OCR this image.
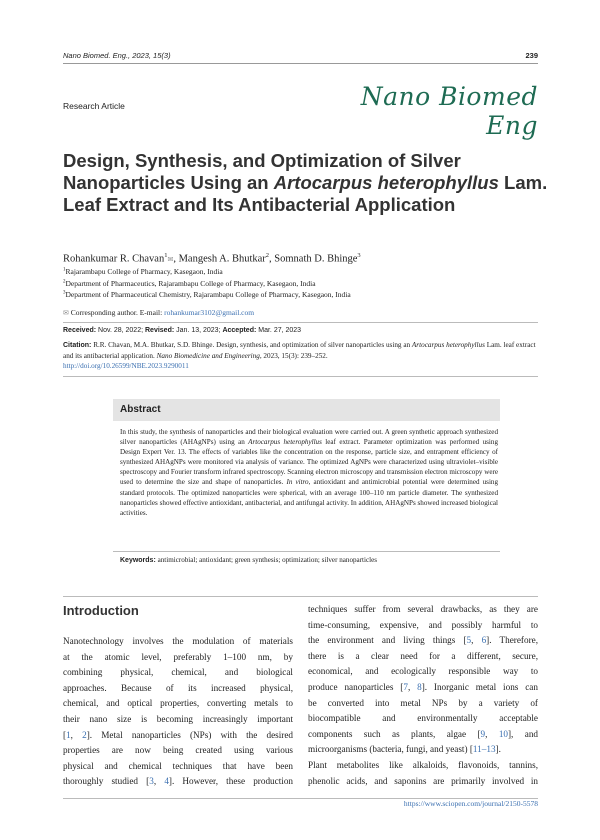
Nano Biomed. Eng., 2023, 15(3)	239
Research Article	Nano Biomed Eng
Design, Synthesis, and Optimization of Silver
Nanoparticles Using an Artocarpus heterophyllus Lam.
Leaf Extract and Its Antibacterial Application
Rohankumar R. Chavan$^1$✉, Mangesh A. Bhutkar$^2$, Somnath D. Bhinge$^3$
$^1$Rajarambapu College of Pharmacy, Kasegaon, India
$^2$Department of Pharmaceutics, Rajarambapu College of Pharmacy, Kasegaon, India
$^3$Department of Pharmaceutical Chemistry, Rajarambapu College of Pharmacy, Kasegaon, India
✉ Corresponding author. E-mail: rohankumar3102@gmail.com
Received: Nov. 28, 2022; Revised: Jan. 13, 2023; Accepted: Mar. 27, 2023
Citation: R.R. Chavan, M.A. Bhutkar, S.D. Bhinge. Design, synthesis, and optimization of silver nanoparticles using an Artocarpus heterophyllus Lam. leaf extract and its antibacterial application. Nano Biomedicine and Engineering, 2023, 15(3): 239–252.
http://doi.org/10.26599/NBE.2023.9290011
Abstract
In this study, the synthesis of nanoparticles and their biological evaluation were carried out. A green synthetic approach synthesized silver nanoparticles (AHAgNPs) using an Artocarpus heterophyllus leaf extract. Parameter optimization was performed using Design Expert Ver. 13. The effects of variables like the concentration on the response, particle size, and entrapment efficiency of synthesized AHAgNPs were monitored via analysis of variance. The optimized AgNPs were characterized using ultraviolet–visible spectroscopy and Fourier transform infrared spectroscopy. Scanning electron microscopy and transmission electron microscopy were used to determine the size and shape of nanoparticles. In vitro, antioxidant and antimicrobial potential were determined using standard protocols. The optimized nanoparticles were spherical, with an average 100–110 nm particle diameter. The synthesized nanoparticles showed effective antioxidant, antibacterial, and antifungal activity. In addition, AHAgNPs showed increased biological activities.
Keywords: antimicrobial; antioxidant; green synthesis; optimization; silver nanoparticles
Introduction
Nanotechnology involves the modulation of materials
at the atomic level, preferably 1–100 nm, by
combining physical, chemical, and biological
approaches. Because of its increased physical,
chemical, and optical properties, converting metals to
their nano size is becoming increasingly important
[1, 2]. Metal nanoparticles (NPs) with the desired
properties are now being created using various
physical and chemical techniques that have been
thoroughly studied [3, 4]. However, these production
techniques suffer from several drawbacks, as they are
time-consuming, expensive, and possibly harmful to
the environment and living things [5, 6]. Therefore,
there is a clear need for a different, secure,
economical, and ecologically responsible way to
produce nanoparticles [7, 8]. Inorganic metal ions can
be converted into metal NPs by a variety of
biocompatible and environmentally acceptable
components such as plants, algae [9, 10], and
microorganisms (bacteria, fungi, and yeast) [11–13].
Plant metabolites like alkaloids, flavonoids, tannins,
phenolic acids, and saponins are primarily involved in
https://www.sciopen.com/journal/2150-5578
